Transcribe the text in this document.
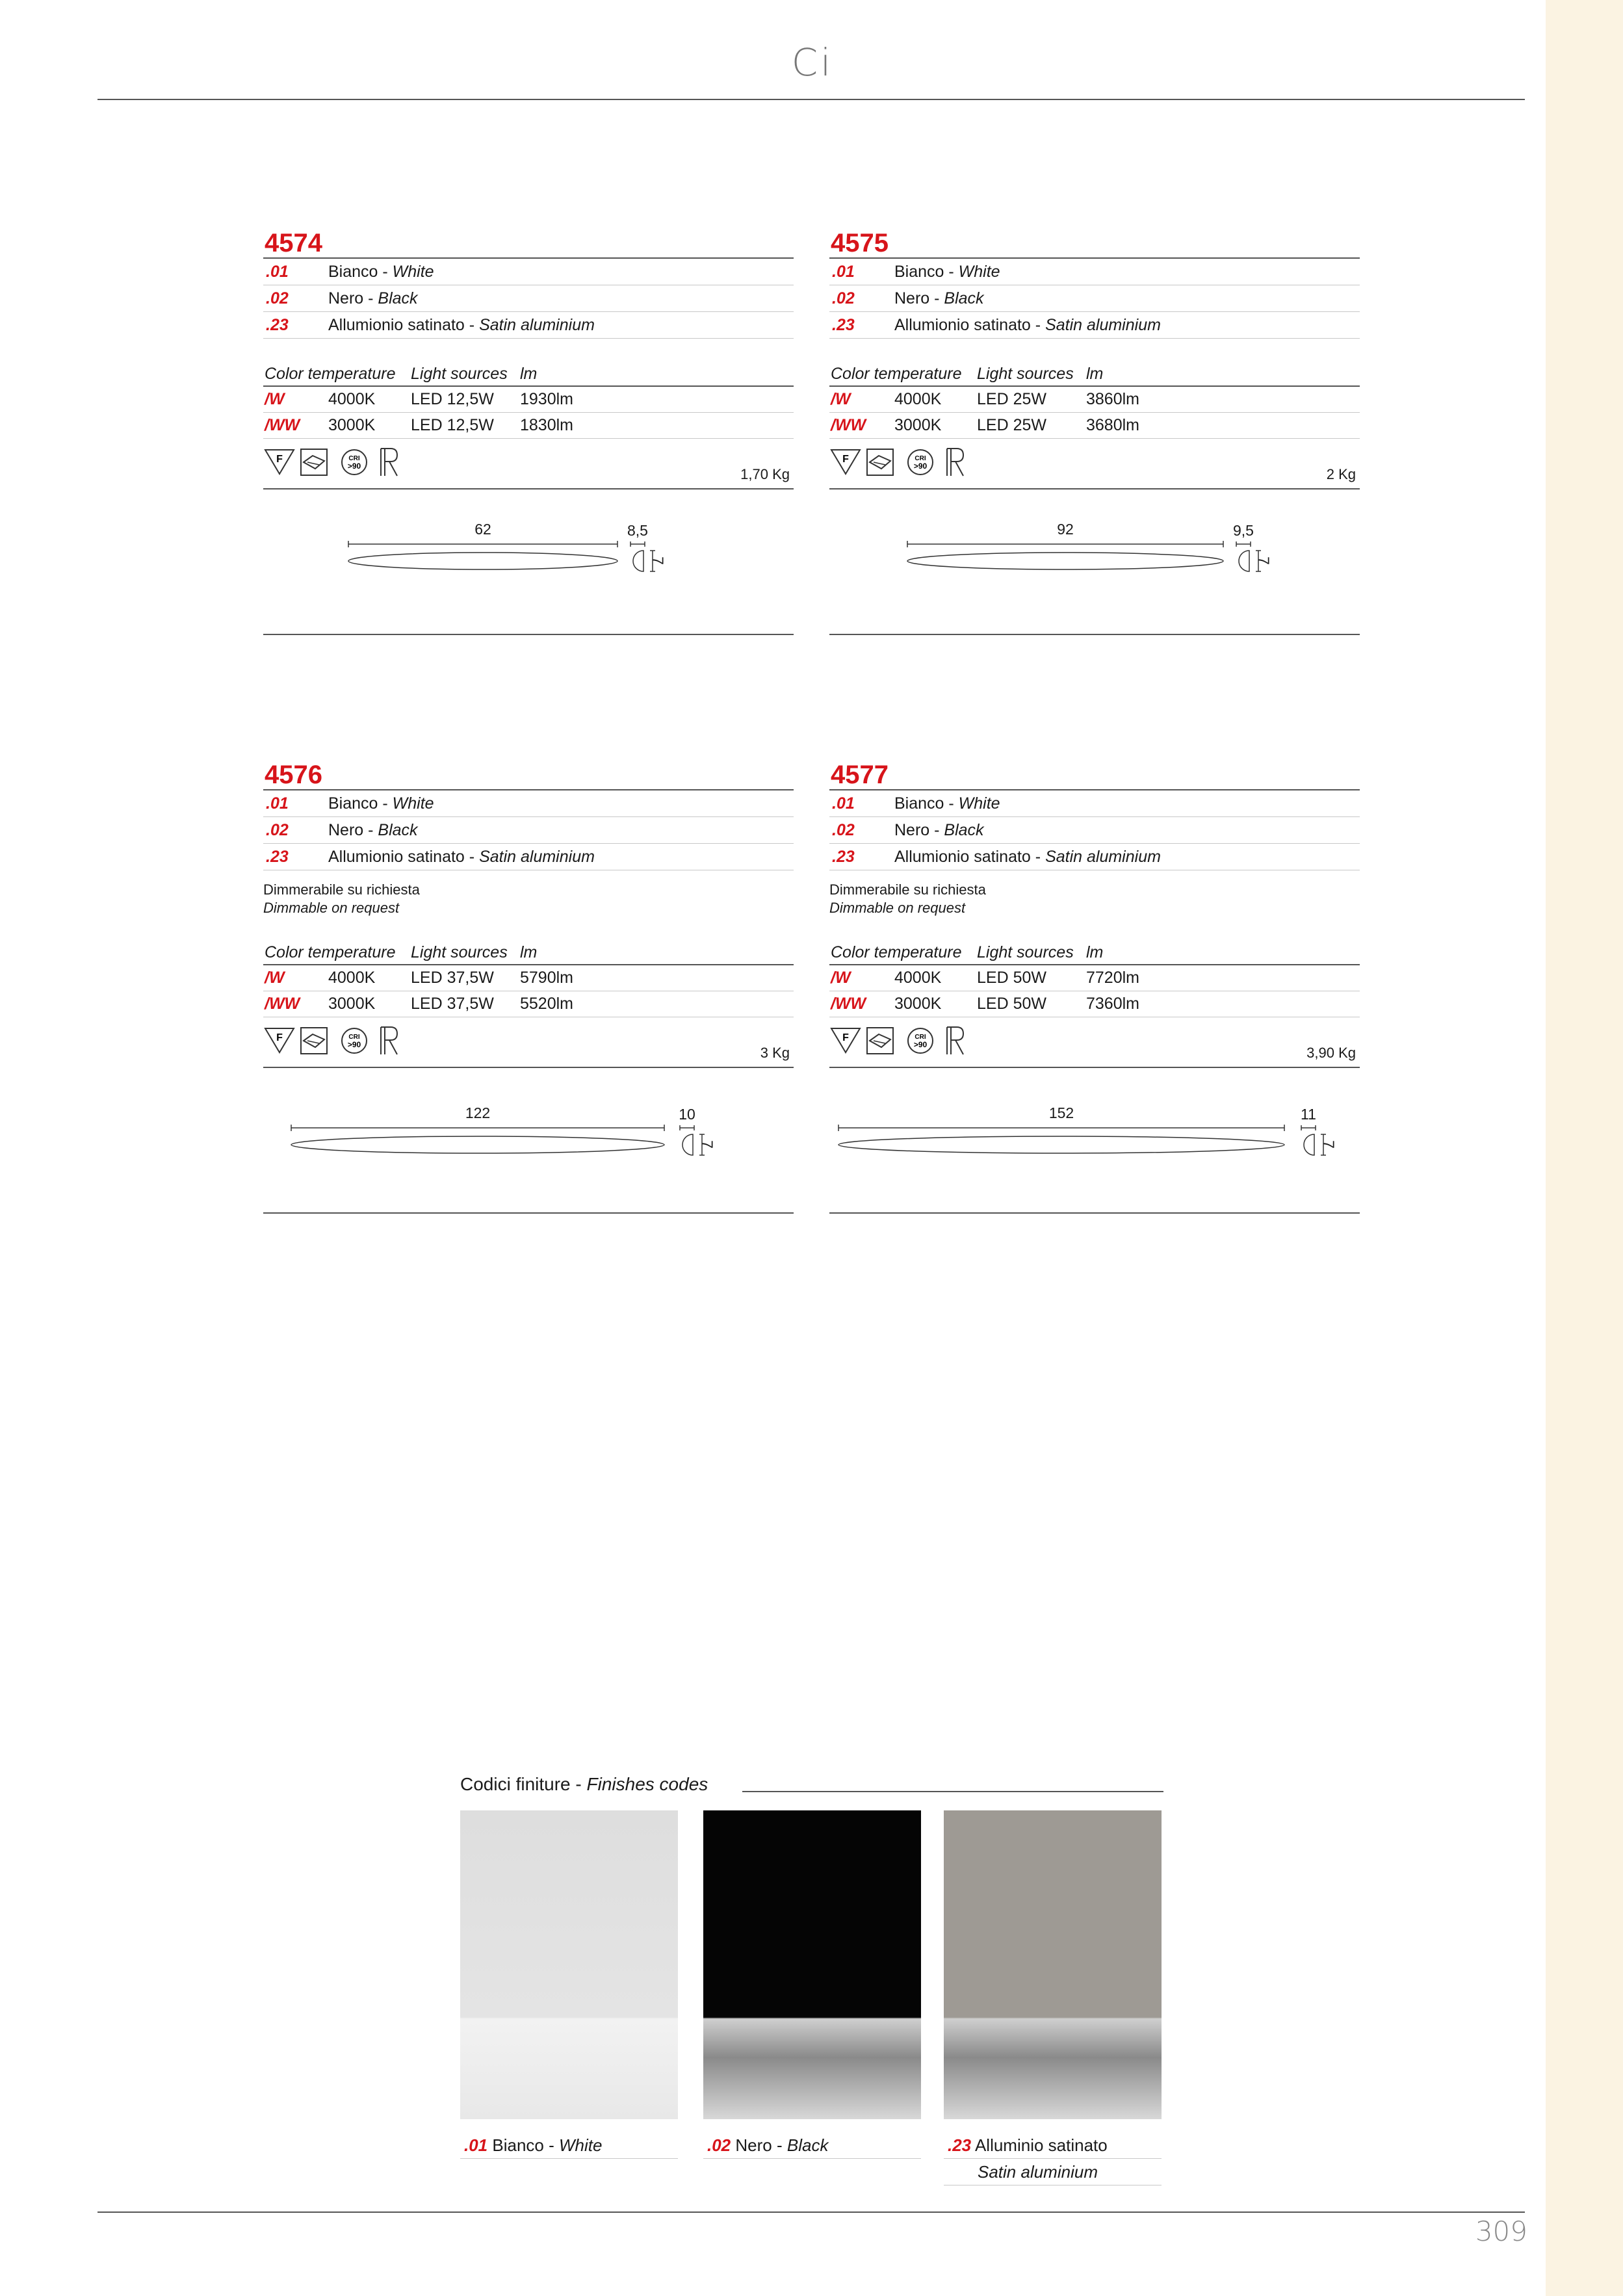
Ci
4574
.01 Bianco - White
.02 Nero - Black
.23 Allumionio satinato - Satin aluminium
Color temperature Light sources lm
/W	4000K LED 12,5W 1930lm
/WW 3000K LED 12,5W 1830lm
F	CRI
>90	1,70 Kg
62	8,5
7
4575
.01 Bianco - White
.02 Nero - Black
.23 Allumionio satinato - Satin aluminium
Color temperature Light sources lm
/W	4000K LED 25W 3860lm
/WW 3000K LED 25W 3680lm
F	CRI
>90	2 Kg
92	9,5
7
4576
.01 Bianco - White
.02 Nero - Black
.23 Allumionio satinato - Satin aluminium
Dimmerabile su richiesta
Dimmable on request
Color temperature Light sources lm
/W	4000K LED 37,5W 5790lm
/WW 3000K LED 37,5W 5520lm
F	CRI
>90	3 Kg
122	10
7
4577
.01 Bianco - White
.02 Nero - Black
.23 Allumionio satinato - Satin aluminium
Dimmerabile su richiesta
Dimmable on request
Color temperature Light sources lm
/W	4000K LED 50W 7720lm
/WW 3000K LED 50W 7360lm
F	CRI
>90	3,90 Kg
152	11
7
Codici finiture - Finishes codes
.01 Bianco - White	.02 Nero - Black	.23 Alluminio satinato
Satin aluminium
309
